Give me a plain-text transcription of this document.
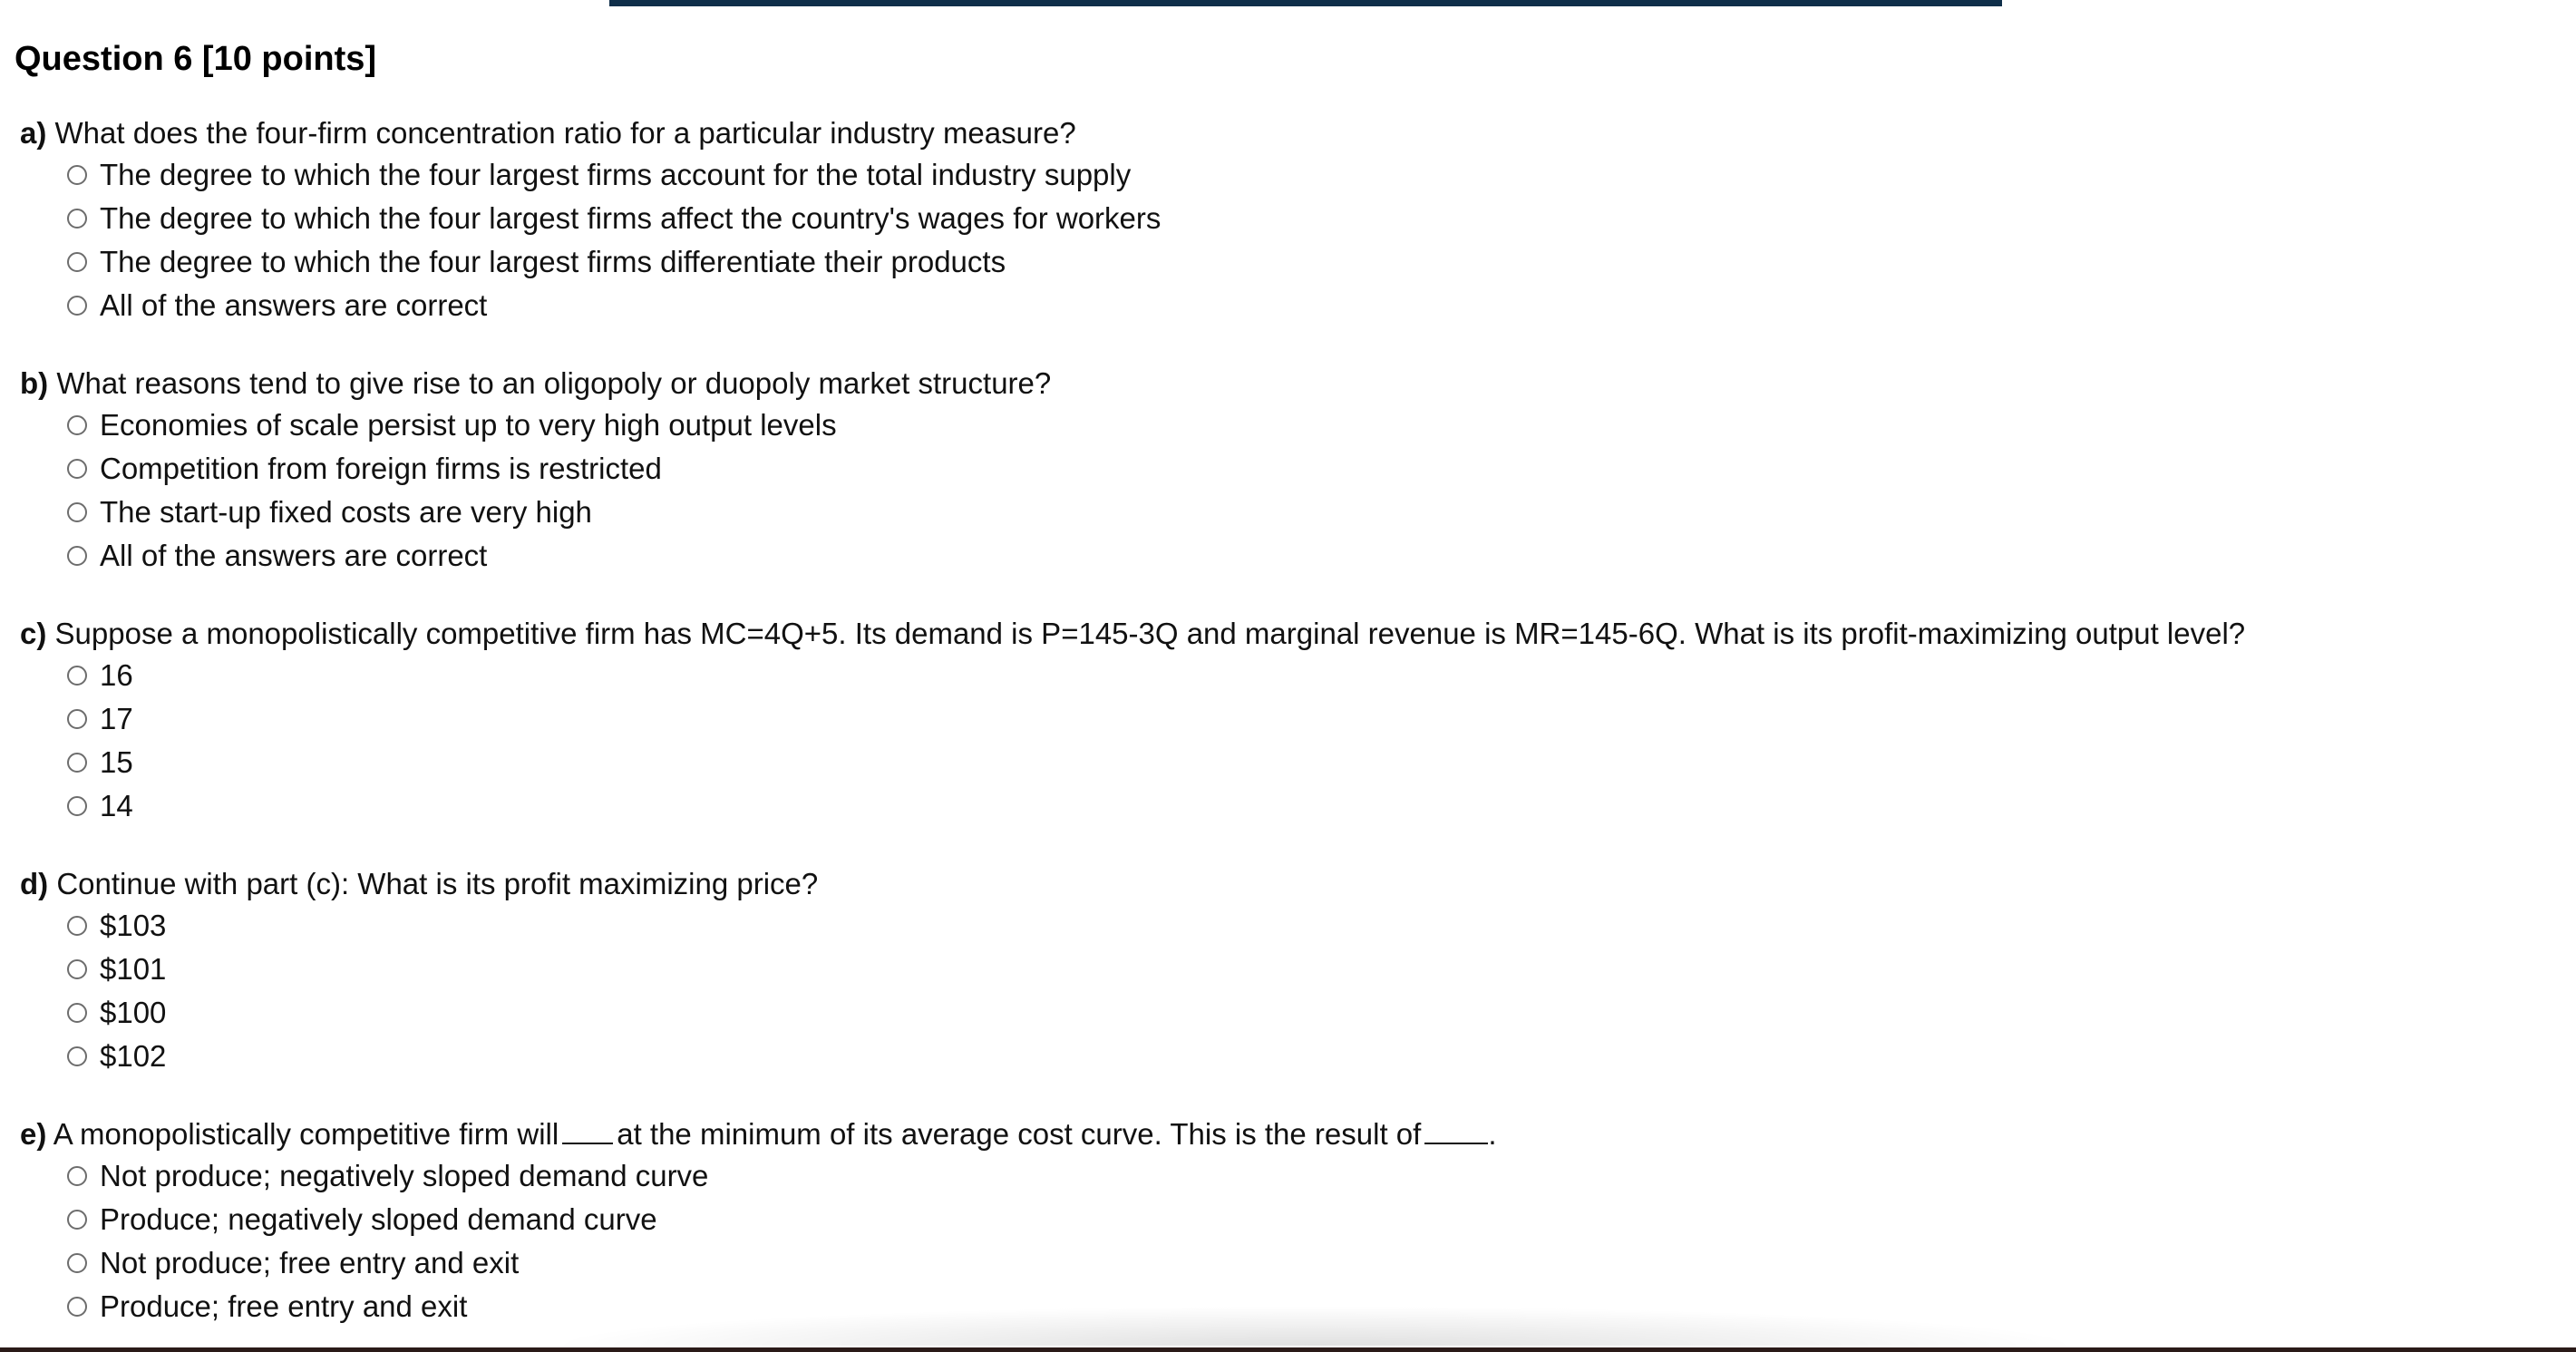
Question 6 [10 points]
a) What does the four-firm concentration ratio for a particular industry measure?
The degree to which the four largest firms account for the total industry supply
The degree to which the four largest firms affect the country's wages for workers
The degree to which the four largest firms differentiate their products
All of the answers are correct
b) What reasons tend to give rise to an oligopoly or duopoly market structure?
Economies of scale persist up to very high output levels
Competition from foreign firms is restricted
The start-up fixed costs are very high
All of the answers are correct
c) Suppose a monopolistically competitive firm has MC=4Q+5. Its demand is P=145-3Q and marginal revenue is MR=145-6Q. What is its profit-maximizing output level?
16
17
15
14
d) Continue with part (c): What is its profit maximizing price?
$103
$101
$100
$102
e) A monopolistically competitive firm will at the minimum of its average cost curve. This is the result of .
Not produce; negatively sloped demand curve
Produce; negatively sloped demand curve
Not produce; free entry and exit
Produce; free entry and exit
